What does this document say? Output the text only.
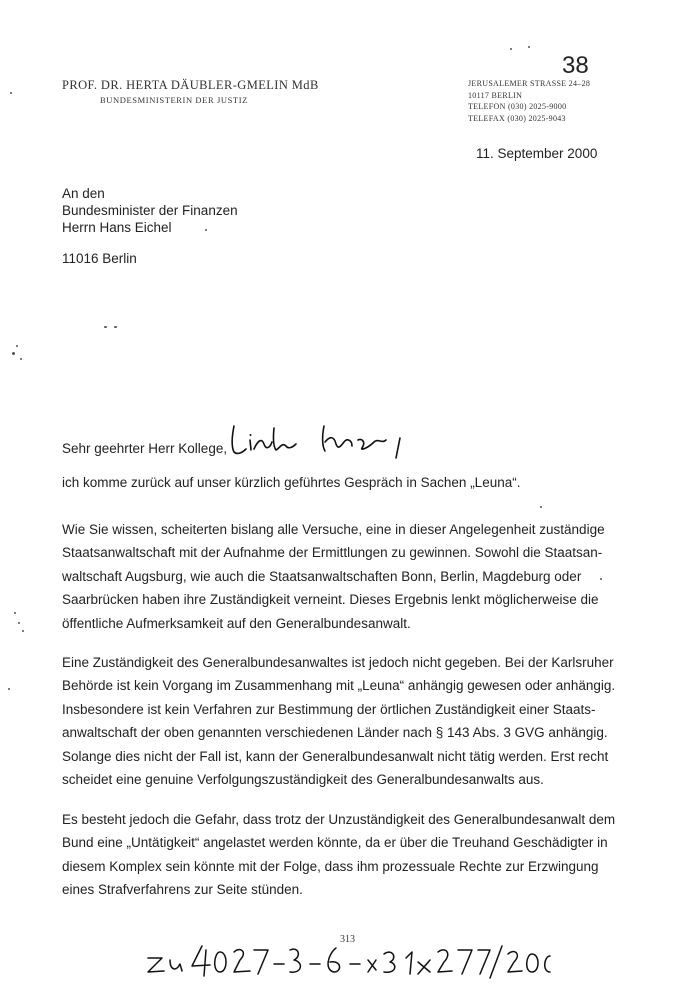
PROF. DR. HERTA DÄUBLER-GMELIN MdB
BUNDESMINISTERIN DER JUSTIZ
38
JERUSALEMER STRASSE 24–28
10117 BERLIN
TELEFON (030) 2025-9000
TELEFAX (030) 2025-9043
11. September 2000
An den
Bundesminister der Finanzen
Herrn Hans Eichel
11016 Berlin
Sehr geehrter Herr Kollege,
ich komme zurück auf unser kürzlich geführtes Gespräch in Sachen „Leuna“.
Wie Sie wissen, scheiterten bislang alle Versuche, eine in dieser Angelegenheit zuständige
Staatsanwaltschaft mit der Aufnahme der Ermittlungen zu gewinnen. Sowohl die Staatsan-
waltschaft Augsburg, wie auch die Staatsanwaltschaften Bonn, Berlin, Magdeburg oder
Saarbrücken haben ihre Zuständigkeit verneint. Dieses Ergebnis lenkt möglicherweise die
öffentliche Aufmerksamkeit auf den Generalbundesanwalt.
Eine Zuständigkeit des Generalbundesanwaltes ist jedoch nicht gegeben. Bei der Karlsruher
Behörde ist kein Vorgang im Zusammenhang mit „Leuna“ anhängig gewesen oder anhängig.
Insbesondere ist kein Verfahren zur Bestimmung der örtlichen Zuständigkeit einer Staats-
anwaltschaft der oben genannten verschiedenen Länder nach § 143 Abs. 3 GVG anhängig.
Solange dies nicht der Fall ist, kann der Generalbundesanwalt nicht tätig werden. Erst recht
scheidet eine genuine Verfolgungszuständigkeit des Generalbundesanwalts aus.
Es besteht jedoch die Gefahr, dass trotz der Unzuständigkeit des Generalbundesanwalt dem
Bund eine „Untätigkeit“ angelastet werden könnte, da er über die Treuhand Geschädigter in
diesem Komplex sein könnte mit der Folge, dass ihm prozessuale Rechte zur Erzwingung
eines Strafverfahrens zur Seite stünden.
313
